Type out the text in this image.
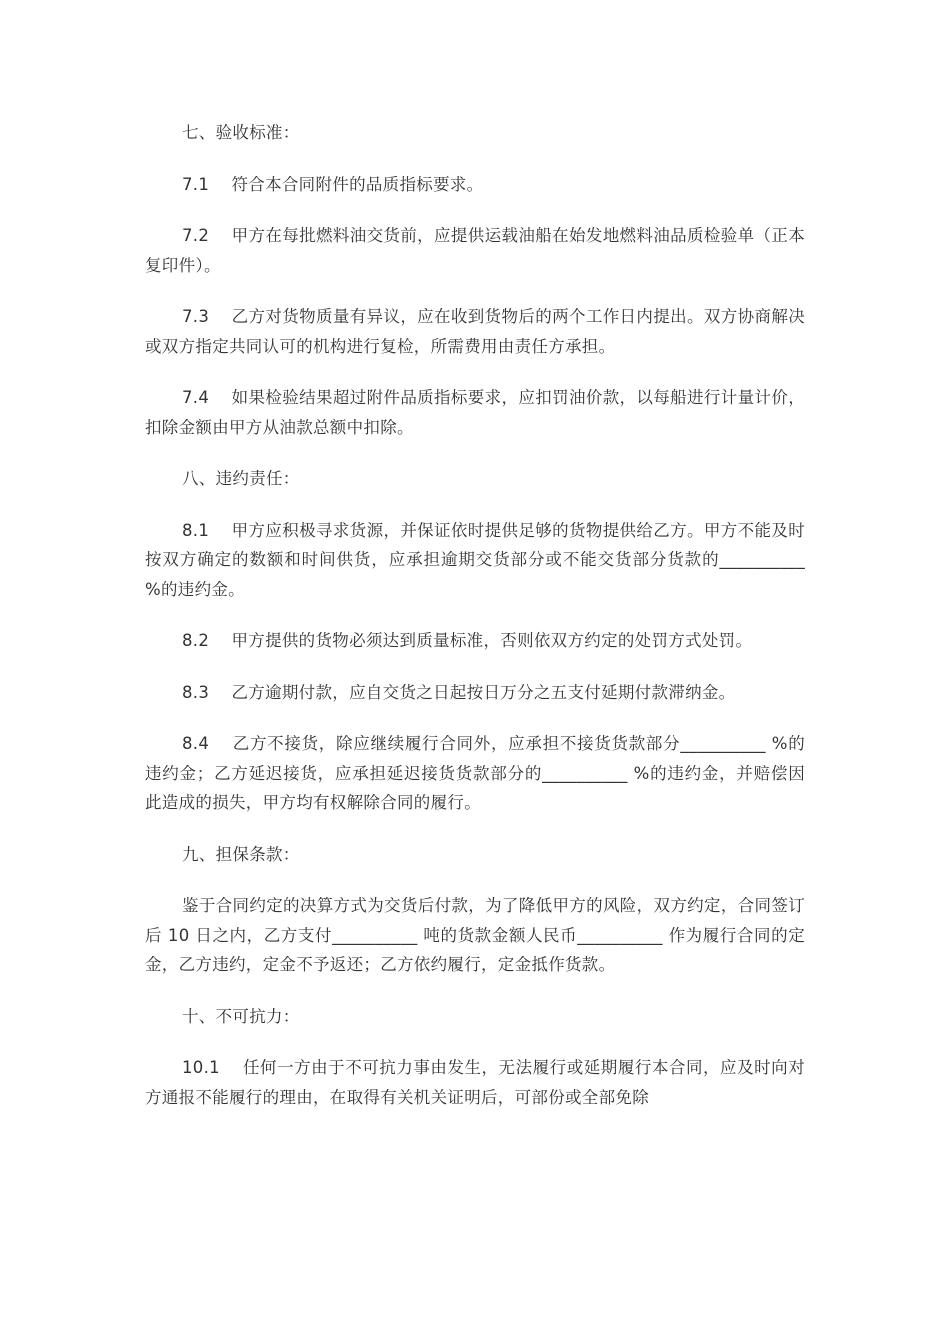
七、验收标准：

7.1　 符合本合同附件的品质指标要求。

7.2　 甲方在每批燃料油交货前，应提供运载油船在始发地燃料油品质检验单（正本复印件）。

7.3　 乙方对货物质量有异议，应在收到货物后的两个工作日内提出。双方协商解决或双方指定共同认可的机构进行复检，所需费用由责任方承担。

7.4　 如果检验结果超过附件品质指标要求，应扣罚油价款，以每船进行计量计价，扣除金额由甲方从油款总额中扣除。

八、违约责任：

8.1　 甲方应积极寻求货源，并保证依时提供足够的货物提供给乙方。甲方不能及时按双方确定的数额和时间供货，应承担逾期交货部分或不能交货部分货款的__________ %的违约金。

8.2　 甲方提供的货物必须达到质量标准，否则依双方约定的处罚方式处罚。

8.3　 乙方逾期付款，应自交货之日起按日万分之五支付延期付款滞纳金。

8.4　 乙方不接货，除应继续履行合同外，应承担不接货货款部分__________ %的违约金；乙方延迟接货，应承担延迟接货货款部分的__________ %的违约金，并赔偿因此造成的损失，甲方均有权解除合同的履行。

九、担保条款：

鉴于合同约定的决算方式为交货后付款，为了降低甲方的风险，双方约定，合同签订后 10 日之内，乙方支付__________ 吨的货款金额人民币__________ 作为履行合同的定金，乙方违约，定金不予返还；乙方依约履行，定金抵作货款。

十、不可抗力：

10.1　 任何一方由于不可抗力事由发生，无法履行或延期履行本合同，应及时向对方通报不能履行的理由，在取得有关机关证明后，可部份或全部免除
